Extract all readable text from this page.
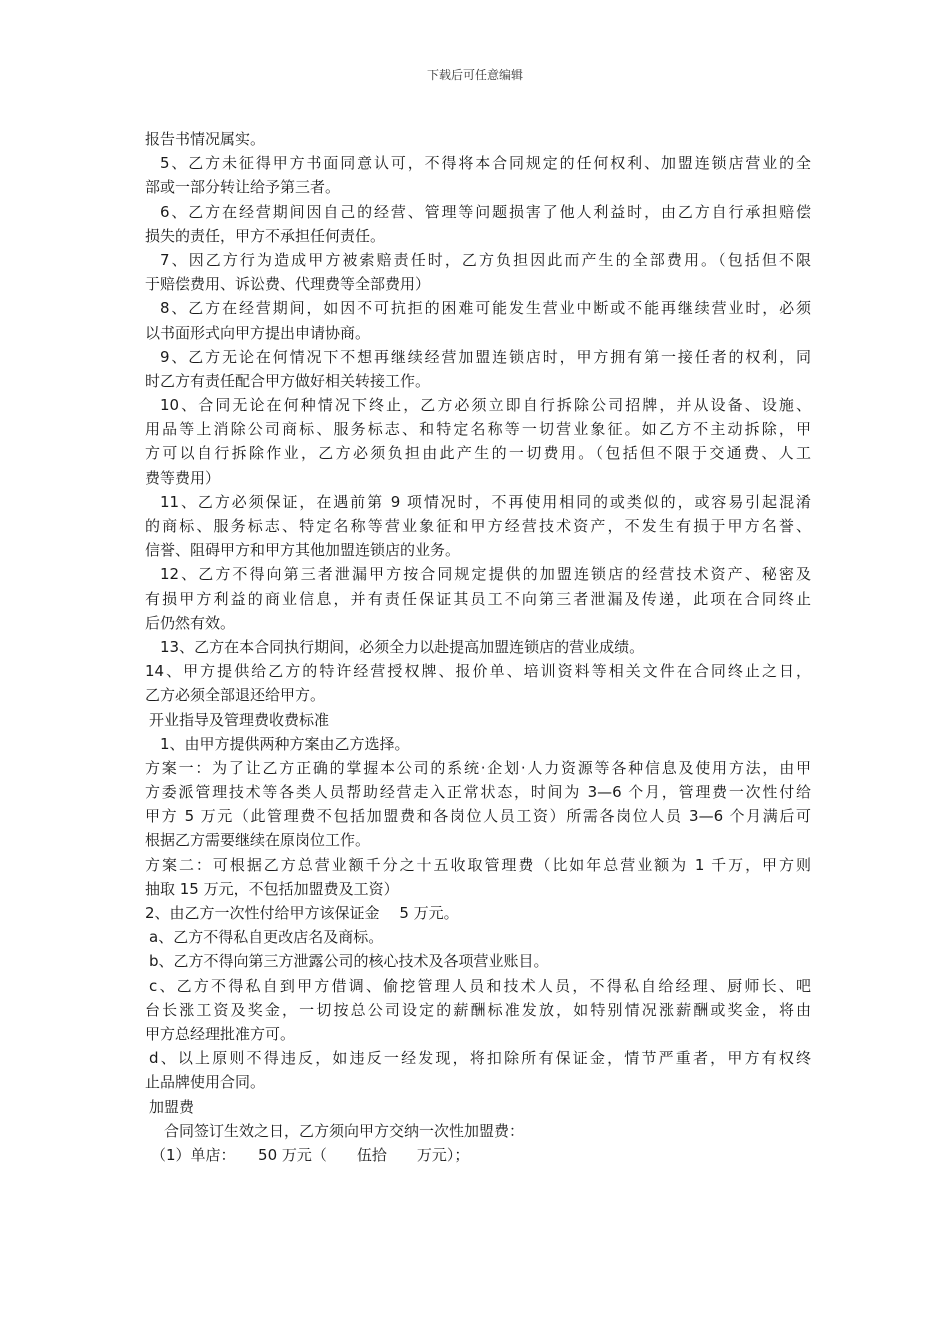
下载后可任意编辑
报告书情况属实。
5、乙方未征得甲方书面同意认可，不得将本合同规定的任何权利、加盟连锁店营业的全
部或一部分转让给予第三者。
6、乙方在经营期间因自己的经营、管理等问题损害了他人利益时，由乙方自行承担赔偿
损失的责任，甲方不承担任何责任。
7、因乙方行为造成甲方被索赔责任时，乙方负担因此而产生的全部费用。（包括但不限
于赔偿费用、诉讼费、代理费等全部费用）
8、乙方在经营期间，如因不可抗拒的困难可能发生营业中断或不能再继续营业时，必须
以书面形式向甲方提出申请协商。
9、乙方无论在何情况下不想再继续经营加盟连锁店时，甲方拥有第一接任者的权利，同
时乙方有责任配合甲方做好相关转接工作。
10、合同无论在何种情况下终止，乙方必须立即自行拆除公司招牌，并从设备、设施、
用品等上消除公司商标、服务标志、和特定名称等一切营业象征。如乙方不主动拆除，甲
方可以自行拆除作业，乙方必须负担由此产生的一切费用。（包括但不限于交通费、人工
费等费用）
11、乙方必须保证，在遇前第 9 项情况时，不再使用相同的或类似的，或容易引起混淆
的商标、服务标志、特定名称等营业象征和甲方经营技术资产，不发生有损于甲方名誉、
信誉、阻碍甲方和甲方其他加盟连锁店的业务。
12、乙方不得向第三者泄漏甲方按合同规定提供的加盟连锁店的经营技术资产、秘密及
有损甲方利益的商业信息，并有责任保证其员工不向第三者泄漏及传递，此项在合同终止
后仍然有效。
13、乙方在本合同执行期间，必须全力以赴提高加盟连锁店的营业成绩。
14、甲方提供给乙方的特许经营授权牌、报价单、培训资料等相关文件在合同终止之日，
乙方必须全部退还给甲方。
开业指导及管理费收费标准
1、由甲方提供两种方案由乙方选择。
方案一：为了让乙方正确的掌握本公司的系统·企划·人力资源等各种信息及使用方法，由甲
方委派管理技术等各类人员帮助经营走入正常状态，时间为 3—6 个月，管理费一次性付给
甲方 5 万元（此管理费不包括加盟费和各岗位人员工资）所需各岗位人员 3—6 个月满后可
根据乙方需要继续在原岗位工作。
方案二：可根据乙方总营业额千分之十五收取管理费（比如年总营业额为 1 千万，甲方则
抽取 15 万元，不包括加盟费及工资）
2、由乙方一次性付给甲方该保证金　 5 万元。
a、乙方不得私自更改店名及商标。
b、乙方不得向第三方泄露公司的核心技术及各项营业账目。
c、乙方不得私自到甲方借调、偷挖管理人员和技术人员，不得私自给经理、厨师长、吧
台长涨工资及奖金，一切按总公司设定的薪酬标准发放，如特别情况涨薪酬或奖金，将由
甲方总经理批准方可。
d、以上原则不得违反，如违反一经发现，将扣除所有保证金，情节严重者，甲方有权终
止品牌使用合同。
加盟费
合同签订生效之日，乙方须向甲方交纳一次性加盟费：
（1）单店：　　50 万元（　　伍拾　　万元）；
